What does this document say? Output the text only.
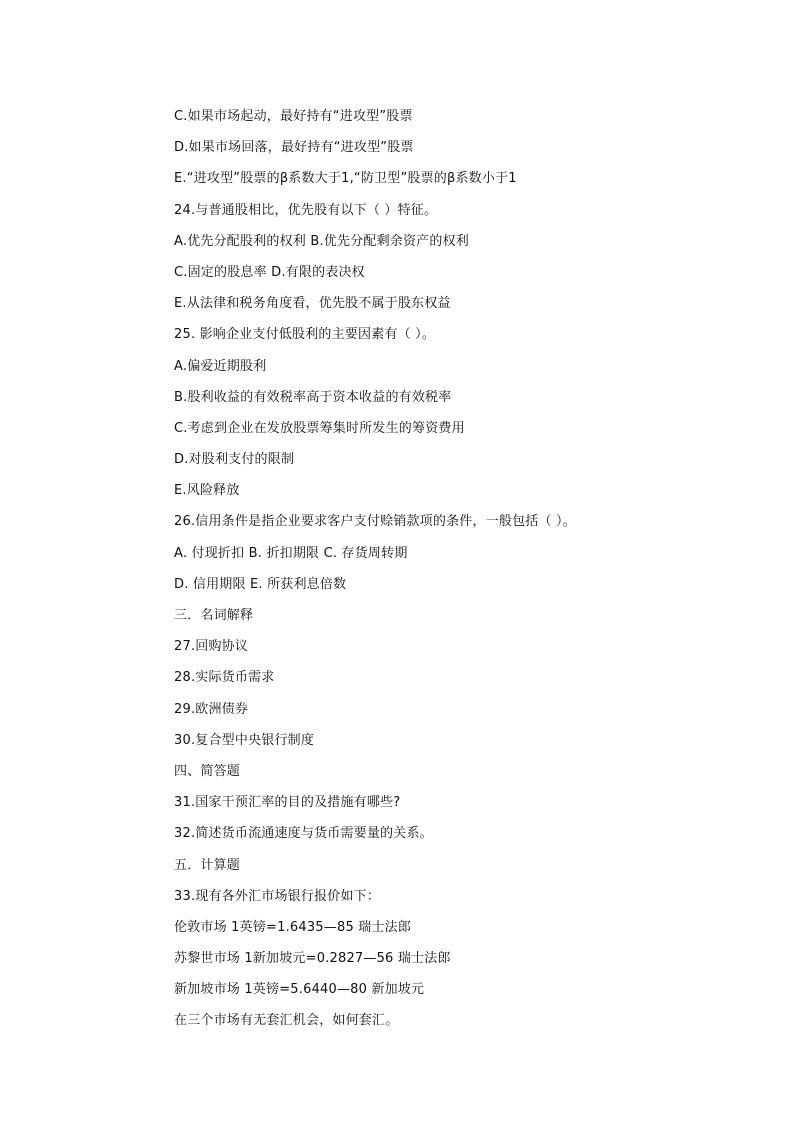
C.如果市场起动，最好持有“进攻型”股票
D.如果市场回落，最好持有“进攻型”股票
E.“进攻型”股票的β系数大于1,“防卫型”股票的β系数小于1
24.与普通股相比，优先股有以下（ ）特征。
A.优先分配股利的权利 B.优先分配剩余资产的权利
C.固定的股息率 D.有限的表决权
E.从法律和税务角度看，优先股不属于股东权益
25. 影响企业支付低股利的主要因素有（ ）。
A.偏爱近期股利
B.股利收益的有效税率高于资本收益的有效税率
C.考虑到企业在发放股票筹集时所发生的筹资费用
D.对股利支付的限制
E.风险释放
26.信用条件是指企业要求客户支付赊销款项的条件，一般包括（ ）。
A. 付现折扣 B. 折扣期限 C. 存货周转期
D. 信用期限 E. 所获利息倍数
三．名词解释
27.回购协议
28.实际货币需求
29.欧洲债券
30.复合型中央银行制度
四、简答题
31.国家干预汇率的目的及措施有哪些?
32.简述货币流通速度与货币需要量的关系。
五．计算题
33.现有各外汇市场银行报价如下：
伦敦市场 1英镑=1.6435—85 瑞士法郎
苏黎世市场 1新加坡元=0.2827—56 瑞士法郎
新加坡市场 1英镑=5.6440—80 新加坡元
在三个市场有无套汇机会，如何套汇。
